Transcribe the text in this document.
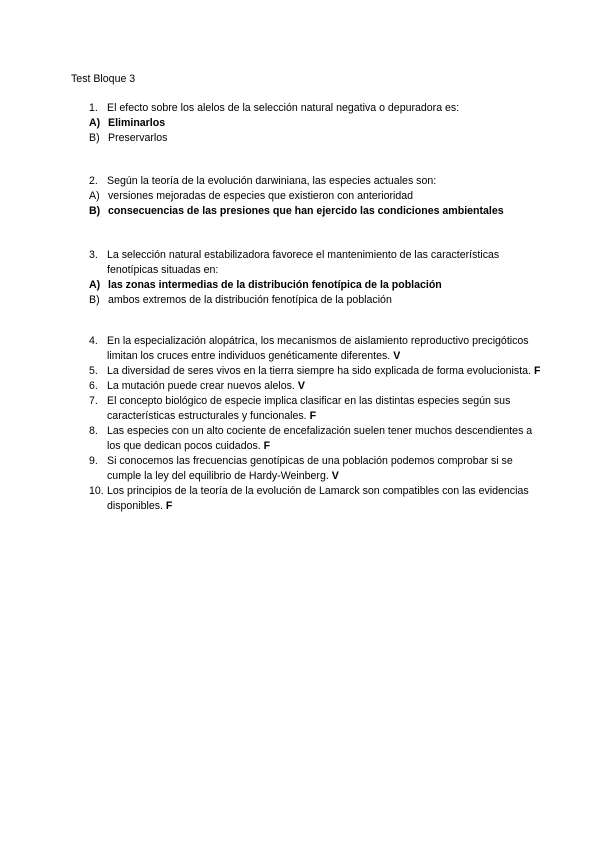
Test Bloque 3
1. El efecto sobre los alelos de la selección natural negativa o depuradora es:
A) Eliminarlos
B) Preservarlos
2. Según la teoría de la evolución darwiniana, las especies actuales son:
A) versiones mejoradas de especies que existieron con anterioridad
B) consecuencias de las presiones que han ejercido las condiciones ambientales
3. La selección natural estabilizadora favorece el mantenimiento de las características fenotípicas situadas en:
A) las zonas intermedias de la distribución fenotípica de la población
B) ambos extremos de la distribución fenotípica de la población
4. En la especialización alopátrica, los mecanismos de aislamiento reproductivo precigóticos limitan los cruces entre individuos genéticamente diferentes. V
5. La diversidad de seres vivos en la tierra siempre ha sido explicada de forma evolucionista. F
6. La mutación puede crear nuevos alelos. V
7. El concepto biológico de especie implica clasificar en las distintas especies según sus características estructurales y funcionales. F
8. Las especies con un alto cociente de encefalización suelen tener muchos descendientes a los que dedican pocos cuidados. F
9. Si conocemos las frecuencias genotípicas de una población podemos comprobar si se cumple la ley del equilibrio de Hardy-Weinberg. V
10. Los principios de la teoría de la evolución de Lamarck son compatibles con las evidencias disponibles. F
